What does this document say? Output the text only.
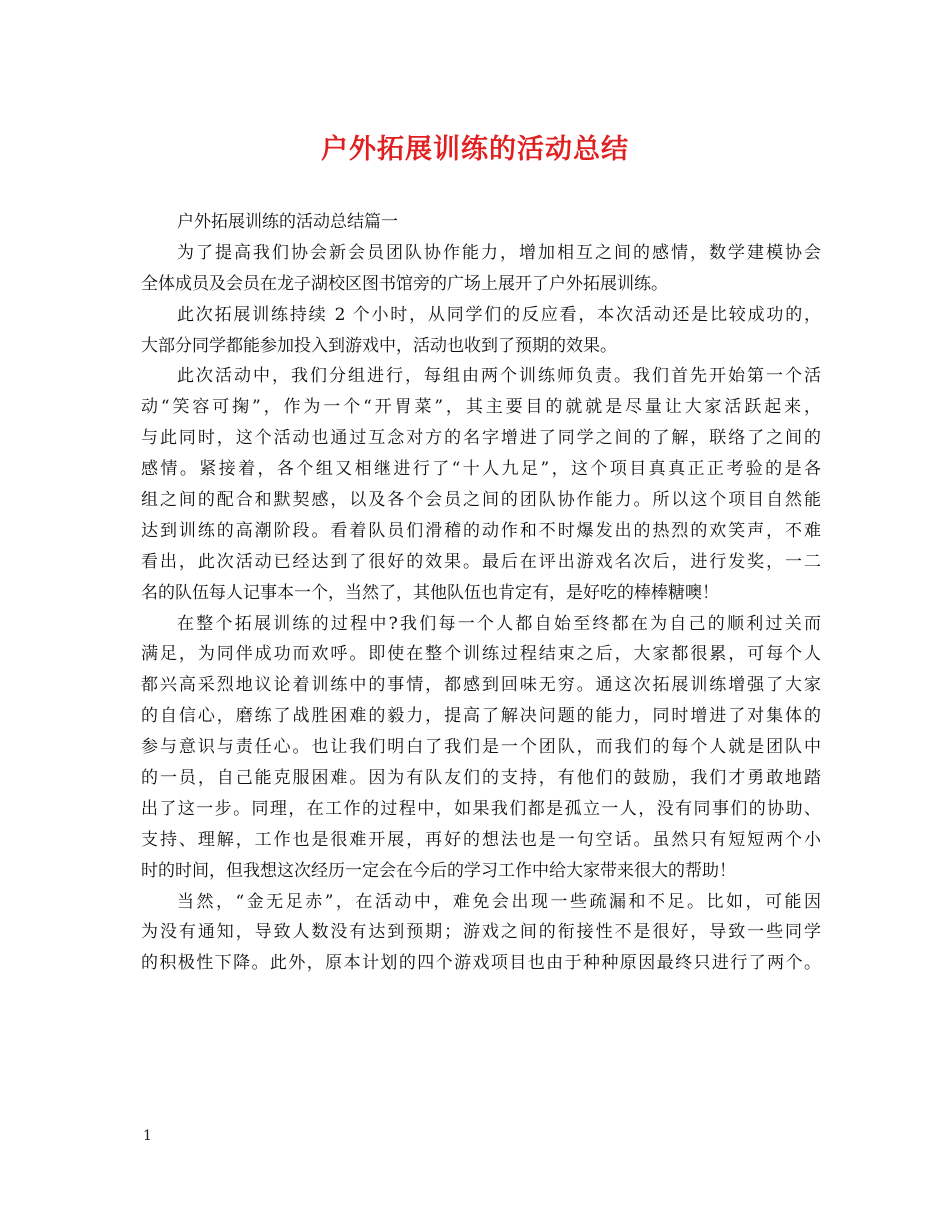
户外拓展训练的活动总结
户外拓展训练的活动总结篇一
为了提高我们协会新会员团队协作能力，增加相互之间的感情，数学建模协会
全体成员及会员在龙子湖校区图书馆旁的广场上展开了户外拓展训练。
此次拓展训练持续 2 个小时，从同学们的反应看，本次活动还是比较成功的，
大部分同学都能参加投入到游戏中，活动也收到了预期的效果。
此次活动中，我们分组进行，每组由两个训练师负责。我们首先开始第一个活
动“笑容可掬”，作为一个“开胃菜”，其主要目的就就是尽量让大家活跃起来，
与此同时，这个活动也通过互念对方的名字增进了同学之间的了解，联络了之间的
感情。紧接着，各个组又相继进行了“十人九足”，这个项目真真正正考验的是各
组之间的配合和默契感，以及各个会员之间的团队协作能力。所以这个项目自然能
达到训练的高潮阶段。看着队员们滑稽的动作和不时爆发出的热烈的欢笑声，不难
看出，此次活动已经达到了很好的效果。最后在评出游戏名次后，进行发奖，一二
名的队伍每人记事本一个，当然了，其他队伍也肯定有，是好吃的棒棒糖噢！
在整个拓展训练的过程中?我们每一个人都自始至终都在为自己的顺利过关而
满足，为同伴成功而欢呼。即使在整个训练过程结束之后，大家都很累，可每个人
都兴高采烈地议论着训练中的事情，都感到回味无穷。通这次拓展训练增强了大家
的自信心，磨练了战胜困难的毅力，提高了解决问题的能力，同时增进了对集体的
参与意识与责任心。也让我们明白了我们是一个团队，而我们的每个人就是团队中
的一员，自己能克服困难。因为有队友们的支持，有他们的鼓励，我们才勇敢地踏
出了这一步。同理，在工作的过程中，如果我们都是孤立一人，没有同事们的协助、
支持、理解，工作也是很难开展，再好的想法也是一句空话。虽然只有短短两个小
时的时间，但我想这次经历一定会在今后的学习工作中给大家带来很大的帮助！
当然，“金无足赤”，在活动中，难免会出现一些疏漏和不足。比如，可能因
为没有通知，导致人数没有达到预期；游戏之间的衔接性不是很好，导致一些同学
的积极性下降。此外，原本计划的四个游戏项目也由于种种原因最终只进行了两个。
1
